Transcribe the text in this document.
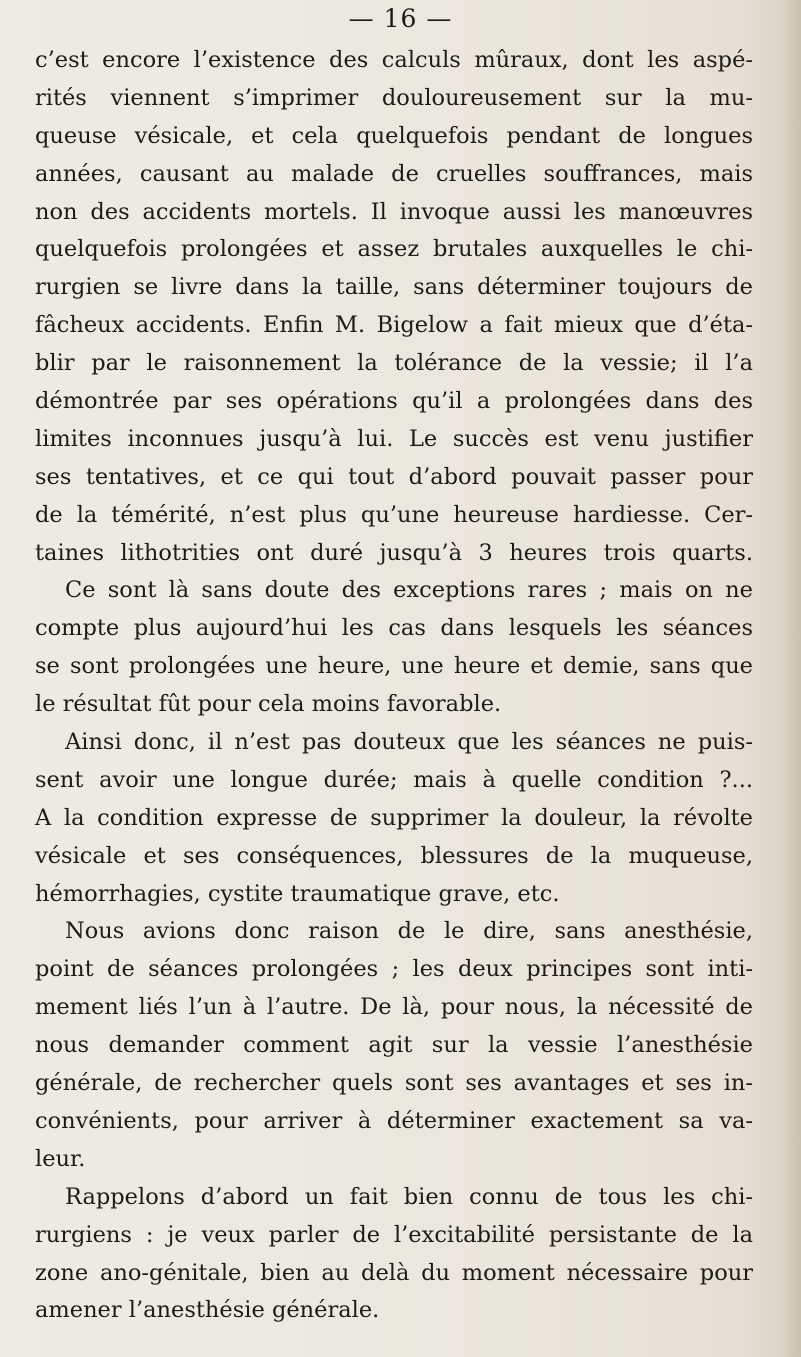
— 16 —
c’est encore l’existence des calculs mûraux, dont les aspé-
rités viennent s’imprimer douloureusement sur la mu-
queuse vésicale, et cela quelquefois pendant de longues
années, causant au malade de cruelles souffrances, mais
non des accidents mortels. Il invoque aussi les manœuvres
quelquefois prolongées et assez brutales auxquelles le chi-
rurgien se livre dans la taille, sans déterminer toujours de
fâcheux accidents. Enfin M. Bigelow a fait mieux que d’éta-
blir par le raisonnement la tolérance de la vessie; il l’a
démontrée par ses opérations qu’il a prolongées dans des
limites inconnues jusqu’à lui. Le succès est venu justifier
ses tentatives, et ce qui tout d’abord pouvait passer pour
de la témérité, n’est plus qu’une heureuse hardiesse. Cer-
taines lithotrities ont duré jusqu’à 3 heures trois quarts.
Ce sont là sans doute des exceptions rares ; mais on ne
compte plus aujourd’hui les cas dans lesquels les séances
se sont prolongées une heure, une heure et demie, sans que
le résultat fût pour cela moins favorable.
Ainsi donc, il n’est pas douteux que les séances ne puis-
sent avoir une longue durée; mais à quelle condition ?...
A la condition expresse de supprimer la douleur, la révolte
vésicale et ses conséquences, blessures de la muqueuse,
hémorrhagies, cystite traumatique grave, etc.
Nous avions donc raison de le dire, sans anesthésie,
point de séances prolongées ; les deux principes sont inti-
mement liés l’un à l’autre. De là, pour nous, la nécessité de
nous demander comment agit sur la vessie l’anesthésie
générale, de rechercher quels sont ses avantages et ses in-
convénients, pour arriver à déterminer exactement sa va-
leur.
Rappelons d’abord un fait bien connu de tous les chi-
rurgiens : je veux parler de l’excitabilité persistante de la
zone ano-génitale, bien au delà du moment nécessaire pour
amener l’anesthésie générale.
